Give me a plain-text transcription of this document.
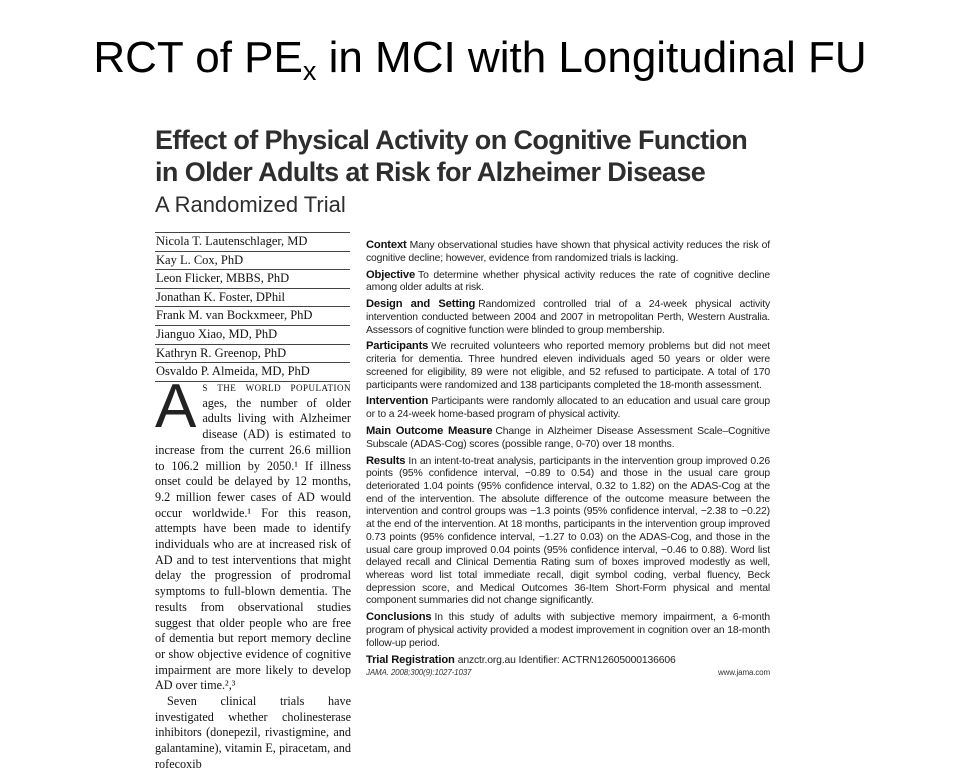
RCT of $PE_x$ in MCI with Longitudinal FU
Effect of Physical Activity on Cognitive Function
in Older Adults at Risk for Alzheimer Disease
A Randomized Trial
Nicola T. Lautenschlager, MD
Kay L. Cox, PhD
Leon Flicker, MBBS, PhD
Jonathan K. Foster, DPhil
Frank M. van Bockxmeer, PhD
Jianguo Xiao, MD, PhD
Kathryn R. Greenop, PhD
Osvaldo P. Almeida, MD, PhD

As the world population ages, the number of older adults living with Alzheimer disease (AD) is estimated to increase from the current 26.6 million to 106.2 million by 2050.¹ If illness onset could be delayed by 12 months, 9.2 million fewer cases of AD would occur worldwide.¹ For this reason, attempts have been made to identify individuals who are at increased risk of AD and to test interventions that might delay the progression of prodromal symptoms to full-blown dementia. The results from observational studies suggest that older people who are free of dementia but report memory decline or show objective evidence of cognitive impairment are more likely to develop AD over time.²,³

Seven clinical trials have investigated whether cholinesterase inhibitors (donepezil, rivastigmine, and galantamine), vitamin E, piracetam, and rofecoxib

Context Many observational studies have shown that physical activity reduces the risk of cognitive decline; however, evidence from randomized trials is lacking.

Objective To determine whether physical activity reduces the rate of cognitive decline among older adults at risk.

Design and Setting Randomized controlled trial of a 24-week physical activity intervention conducted between 2004 and 2007 in metropolitan Perth, Western Australia. Assessors of cognitive function were blinded to group membership.

Participants We recruited volunteers who reported memory problems but did not meet criteria for dementia. Three hundred eleven individuals aged 50 years or older were screened for eligibility, 89 were not eligible, and 52 refused to participate. A total of 170 participants were randomized and 138 participants completed the 18-month assessment.

Intervention Participants were randomly allocated to an education and usual care group or to a 24-week home-based program of physical activity.

Main Outcome Measure Change in Alzheimer Disease Assessment Scale–Cognitive Subscale (ADAS-Cog) scores (possible range, 0-70) over 18 months.

Results In an intent-to-treat analysis, participants in the intervention group improved 0.26 points (95% confidence interval, −0.89 to 0.54) and those in the usual care group deteriorated 1.04 points (95% confidence interval, 0.32 to 1.82) on the ADAS-Cog at the end of the intervention. The absolute difference of the outcome measure between the intervention and control groups was −1.3 points (95% confidence interval, −2.38 to −0.22) at the end of the intervention. At 18 months, participants in the intervention group improved 0.73 points (95% confidence interval, −1.27 to 0.03) on the ADAS-Cog, and those in the usual care group improved 0.04 points (95% confidence interval, −0.46 to 0.88). Word list delayed recall and Clinical Dementia Rating sum of boxes improved modestly as well, whereas word list total immediate recall, digit symbol coding, verbal fluency, Beck depression score, and Medical Outcomes 36-Item Short-Form physical and mental component summaries did not change significantly.

Conclusions In this study of adults with subjective memory impairment, a 6-month program of physical activity provided a modest improvement in cognition over an 18-month follow-up period.

Trial Registration anzctr.org.au Identifier: ACTRN12605000136606

JAMA. 2008;300(9):1027-1037	www.jama.com
